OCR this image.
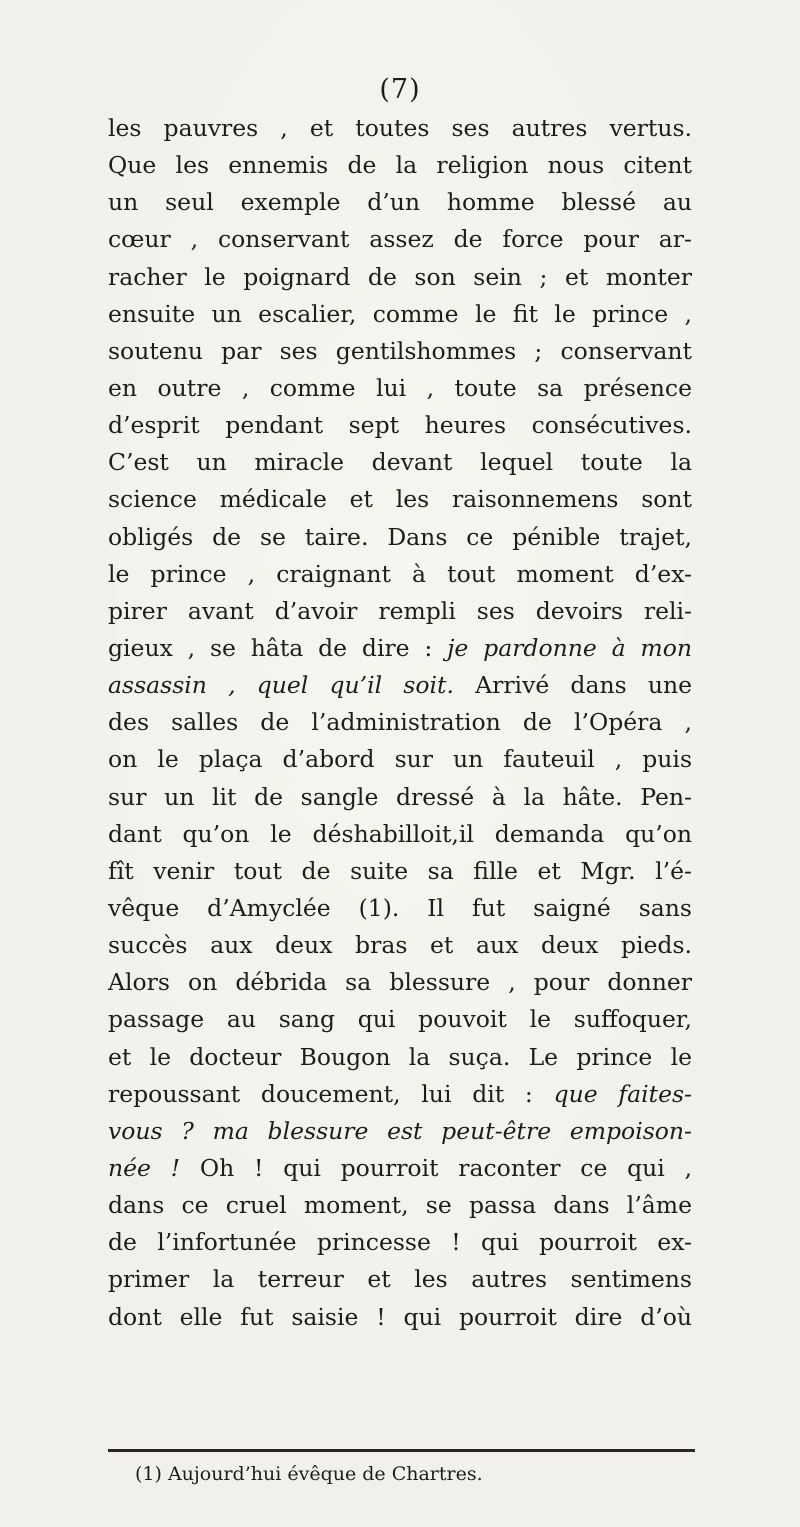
(7)
les pauvres , et toutes ses autres vertus.
Que les ennemis de la religion nous citent
un seul exemple d’un homme blessé au
cœur , conservant assez de force pour ar-
racher le poignard de son sein ; et monter
ensuite un escalier, comme le fit le prince ,
soutenu par ses gentilshommes ; conservant
en outre , comme lui , toute sa présence
d’esprit pendant sept heures consécutives.
C’est un miracle devant lequel toute la
science médicale et les raisonnemens sont
obligés de se taire. Dans ce pénible trajet,
le prince , craignant à tout moment d’ex-
pirer avant d’avoir rempli ses devoirs reli-
gieux , se hâta de dire : je pardonne à mon
assassin , quel qu’il soit. Arrivé dans une
des salles de l’administration de l’Opéra ,
on le plaça d’abord sur un fauteuil , puis
sur un lit de sangle dressé à la hâte. Pen-
dant qu’on le déshabilloit,il demanda qu’on
fît venir tout de suite sa fille et Mgr. l’é-
vêque d’Amyclée (1). Il fut saigné sans
succès aux deux bras et aux deux pieds.
Alors on débrida sa blessure , pour donner
passage au sang qui pouvoit le suffoquer,
et le docteur Bougon la suça. Le prince le
repoussant doucement, lui dit : que faites-
vous ? ma blessure est peut-être empoison-
née ! Oh ! qui pourroit raconter ce qui ,
dans ce cruel moment, se passa dans l’âme
de l’infortunée princesse ! qui pourroit ex-
primer la terreur et les autres sentimens
dont elle fut saisie ! qui pourroit dire d’où
(1) Aujourd’hui évêque de Chartres.
